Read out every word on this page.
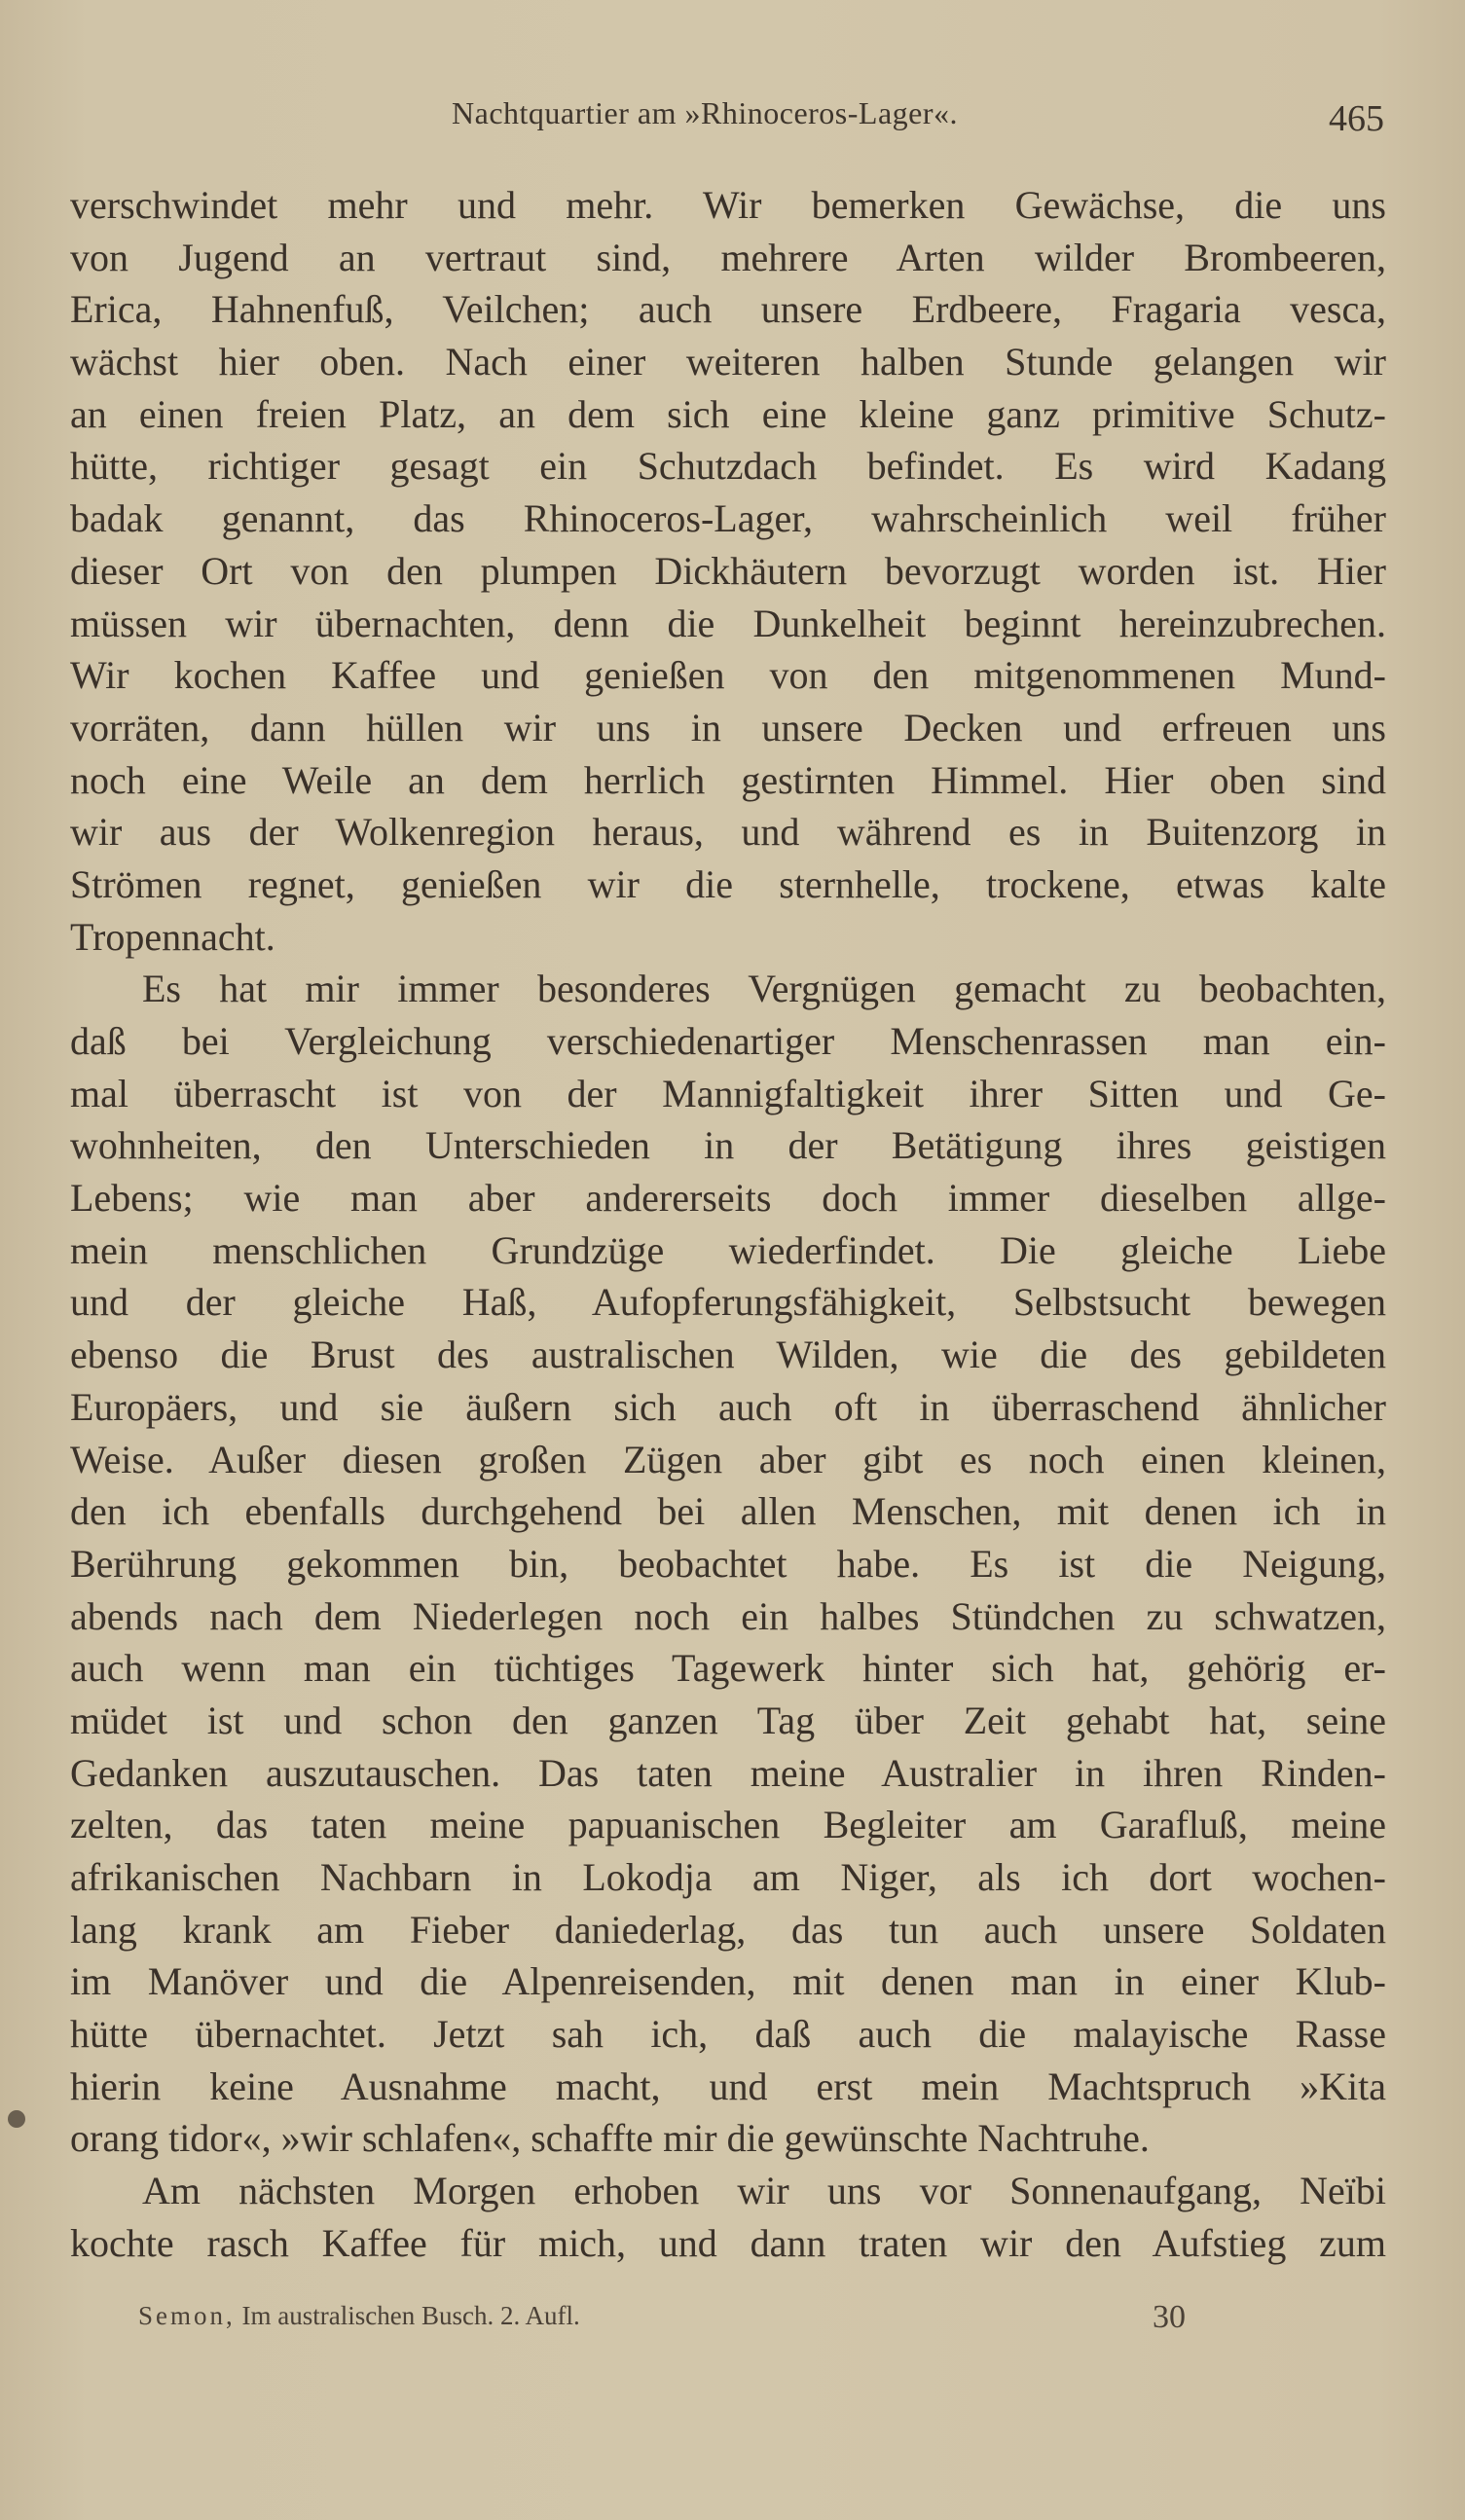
Nachtquartier am »Rhinoceros-Lager«.	465
verschwindet mehr und mehr. Wir bemerken Gewächse, die uns
von Jugend an vertraut sind, mehrere Arten wilder Brombeeren,
Erica, Hahnenfuß, Veilchen; auch unsere Erdbeere, Fragaria vesca,
wächst hier oben. Nach einer weiteren halben Stunde gelangen wir
an einen freien Platz, an dem sich eine kleine ganz primitive Schutz-
hütte, richtiger gesagt ein Schutzdach befindet. Es wird Kadang
badak genannt, das Rhinoceros-Lager, wahrscheinlich weil früher
dieser Ort von den plumpen Dickhäutern bevorzugt worden ist. Hier
müssen wir übernachten, denn die Dunkelheit beginnt hereinzubrechen.
Wir kochen Kaffee und genießen von den mitgenommenen Mund-
vorräten, dann hüllen wir uns in unsere Decken und erfreuen uns
noch eine Weile an dem herrlich gestirnten Himmel. Hier oben sind
wir aus der Wolkenregion heraus, und während es in Buitenzorg in
Strömen regnet, genießen wir die sternhelle, trockene, etwas kalte
Tropennacht.
Es hat mir immer besonderes Vergnügen gemacht zu beobachten,
daß bei Vergleichung verschiedenartiger Menschenrassen man ein-
mal überrascht ist von der Mannigfaltigkeit ihrer Sitten und Ge-
wohnheiten, den Unterschieden in der Betätigung ihres geistigen
Lebens; wie man aber andererseits doch immer dieselben allge-
mein menschlichen Grundzüge wiederfindet. Die gleiche Liebe
und der gleiche Haß, Aufopferungsfähigkeit, Selbstsucht bewegen
ebenso die Brust des australischen Wilden, wie die des gebildeten
Europäers, und sie äußern sich auch oft in überraschend ähnlicher
Weise. Außer diesen großen Zügen aber gibt es noch einen kleinen,
den ich ebenfalls durchgehend bei allen Menschen, mit denen ich in
Berührung gekommen bin, beobachtet habe. Es ist die Neigung,
abends nach dem Niederlegen noch ein halbes Stündchen zu schwatzen,
auch wenn man ein tüchtiges Tagewerk hinter sich hat, gehörig er-
müdet ist und schon den ganzen Tag über Zeit gehabt hat, seine
Gedanken auszutauschen. Das taten meine Australier in ihren Rinden-
zelten, das taten meine papuanischen Begleiter am Garafluß, meine
afrikanischen Nachbarn in Lokodja am Niger, als ich dort wochen-
lang krank am Fieber daniederlag, das tun auch unsere Soldaten
im Manöver und die Alpenreisenden, mit denen man in einer Klub-
hütte übernachtet. Jetzt sah ich, daß auch die malayische Rasse
hierin keine Ausnahme macht, und erst mein Machtspruch »Kita
orang tidor«, »wir schlafen«, schaffte mir die gewünschte Nachtruhe.
Am nächsten Morgen erhoben wir uns vor Sonnenaufgang, Neïbi
kochte rasch Kaffee für mich, und dann traten wir den Aufstieg zum
Semon, Im australischen Busch. 2. Aufl.	30
